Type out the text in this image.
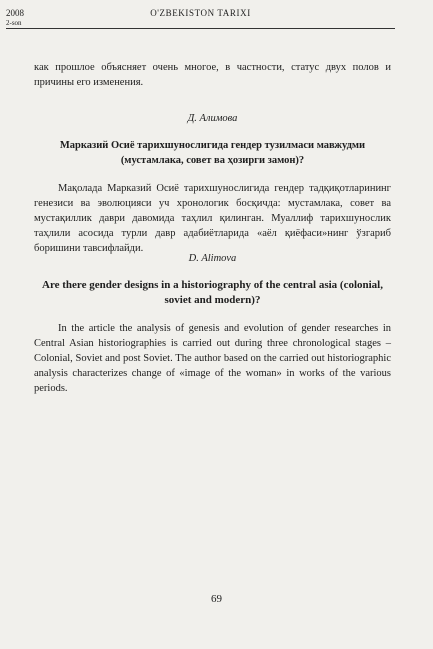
2008
2-son
O'ZBEKISTON TARIXI

как прошлое объясняет очень многое, в частности, статус двух полов и причины его изменения.

Д. Алимова
Марказий Осиё тарихшунослигида гендер тузилмаси мавжудми (мустамлака, совет ва ҳозирги замон)?

Мақолада Марказий Осиё тарихшунослигида гендер тадқиқотларининг генезиси ва эволюцияси уч хронологик босқичда: мустамлака, совет ва мустақиллик даври давомида таҳлил қилинган. Муаллиф тарихшунослик таҳлили асосида турли давр адабиётларида «аёл қиёфаси»нинг ўзгариб боришини тавсифлайди.

D. Alimova
Are there gender designs in a historiography of the central asia (colonial, soviet and modern)?

In the article the analysis of genesis and evolution of gender researches in Central Asian historiographies is carried out during three chronological stages – Colonial, Soviet and post Soviet. The author based on the carried out historiographic analysis characterizes change of «image of the woman» in works of the various periods.

69
